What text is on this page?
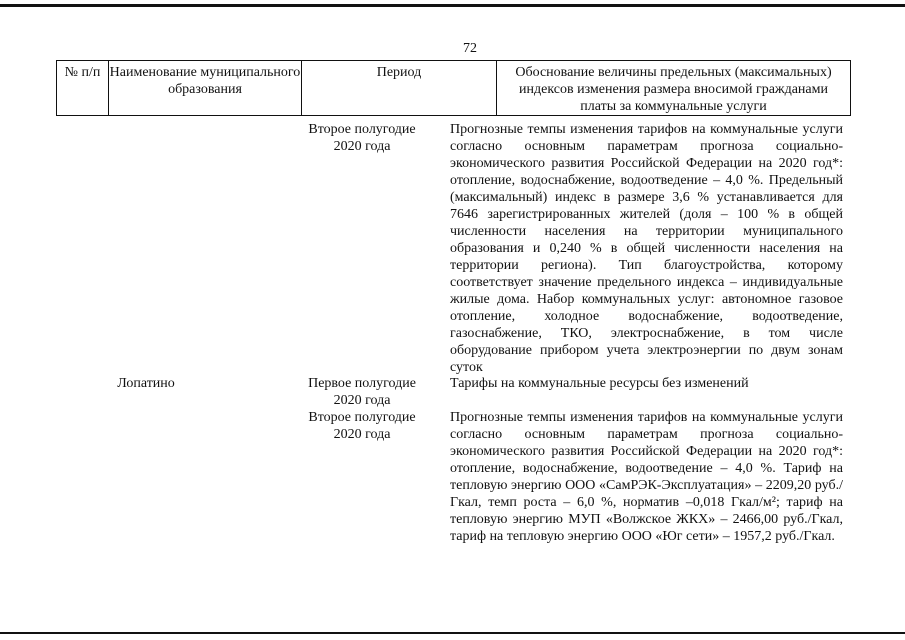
72
№ п/п Наименование муниципального образования
Период	Обоснование величины предельных (максимальных) индексов изменения размера вносимой гражданами платы за коммунальные услуги
Второе полугодие 2020 года
Прогнозные темпы изменения тарифов на коммунальные услуги согласно основным параметрам прогноза социально-экономического развития Российской Федерации на 2020 год*: отопление, водоснабжение, водоотведение – 4,0 %. Предельный (максимальный) индекс в размере 3,6 % устанавливается для 7646 зарегистрированных жителей (доля – 100 % в общей численности населения на территории муниципального образования и 0,240 % в общей численности населения на территории региона). Тип благоустройства, которому соответствует значение предельного индекса – индивидуальные жилые дома. Набор коммунальных услуг: автономное газовое отопление, холодное водоснабжение, водоотведение, газоснабжение, ТКО, электроснабжение, в том числе оборудование прибором учета электроэнергии по двум зонам суток
Лопатино	Первое полугодие 2020 года
Тарифы на коммунальные ресурсы без изменений
Второе полугодие 2020 года
Прогнозные темпы изменения тарифов на коммунальные услуги согласно основным параметрам прогноза социально-экономического развития Российской Федерации на 2020 год*: отопление, водоснабжение, водоотведение – 4,0 %. Тариф на тепловую энергию ООО «СамРЭК-Эксплуатация» – 2209,20 руб./Гкал, темп роста – 6,0 %, норматив –0,018 Гкал/м²; тариф на тепловую энергию МУП «Волжское ЖКХ» – 2466,00 руб./Гкал, тариф на тепловую энергию ООО «Юг сети» – 1957,2 руб./Гкал.
